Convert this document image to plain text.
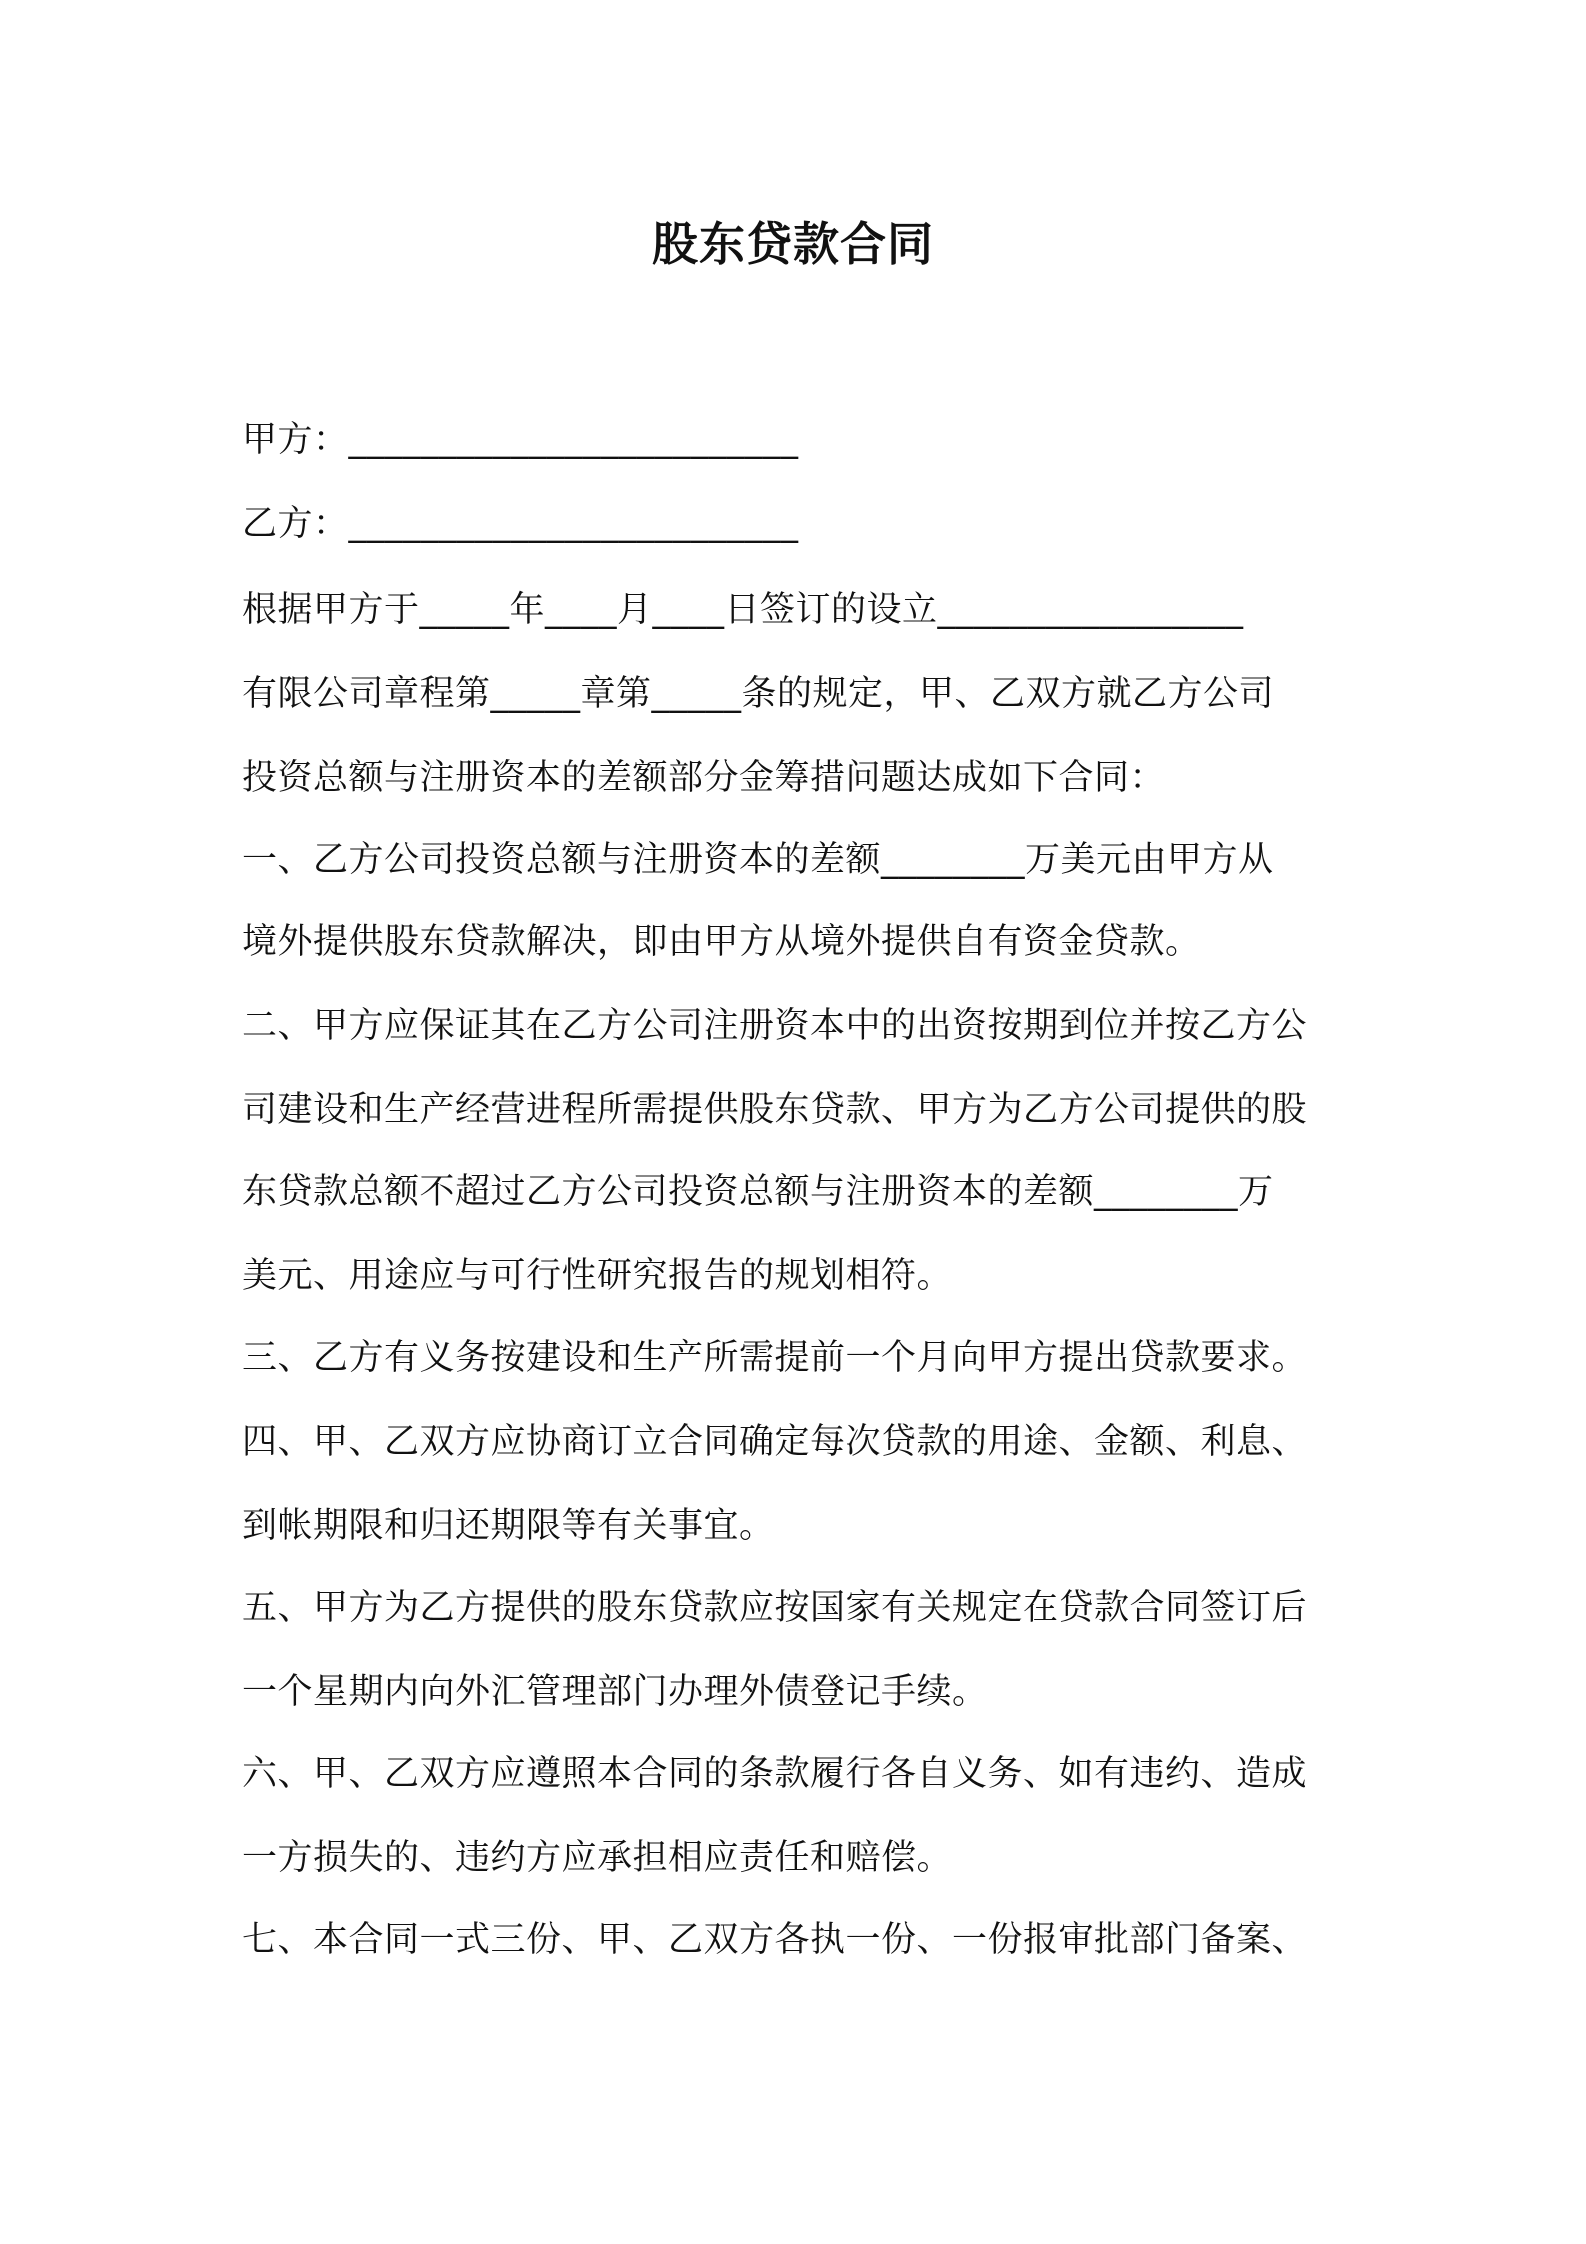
股东贷款合同
甲方：_________________________
乙方：_________________________
根据甲方于_____年____月____日签订的设立_________________
有限公司章程第_____章第_____条的规定，甲、乙双方就乙方公司
投资总额与注册资本的差额部分金筹措问题达成如下合同：
一、乙方公司投资总额与注册资本的差额________万美元由甲方从
境外提供股东贷款解决，即由甲方从境外提供自有资金贷款。
二、甲方应保证其在乙方公司注册资本中的出资按期到位并按乙方公
司建设和生产经营进程所需提供股东贷款、甲方为乙方公司提供的股
东贷款总额不超过乙方公司投资总额与注册资本的差额________万
美元、用途应与可行性研究报告的规划相符。
三、乙方有义务按建设和生产所需提前一个月向甲方提出贷款要求。
四、甲、乙双方应协商订立合同确定每次贷款的用途、金额、利息、
到帐期限和归还期限等有关事宜。
五、甲方为乙方提供的股东贷款应按国家有关规定在贷款合同签订后
一个星期内向外汇管理部门办理外债登记手续。
六、甲、乙双方应遵照本合同的条款履行各自义务、如有违约、造成
一方损失的、违约方应承担相应责任和赔偿。
七、本合同一式三份、甲、乙双方各执一份、一份报审批部门备案、
